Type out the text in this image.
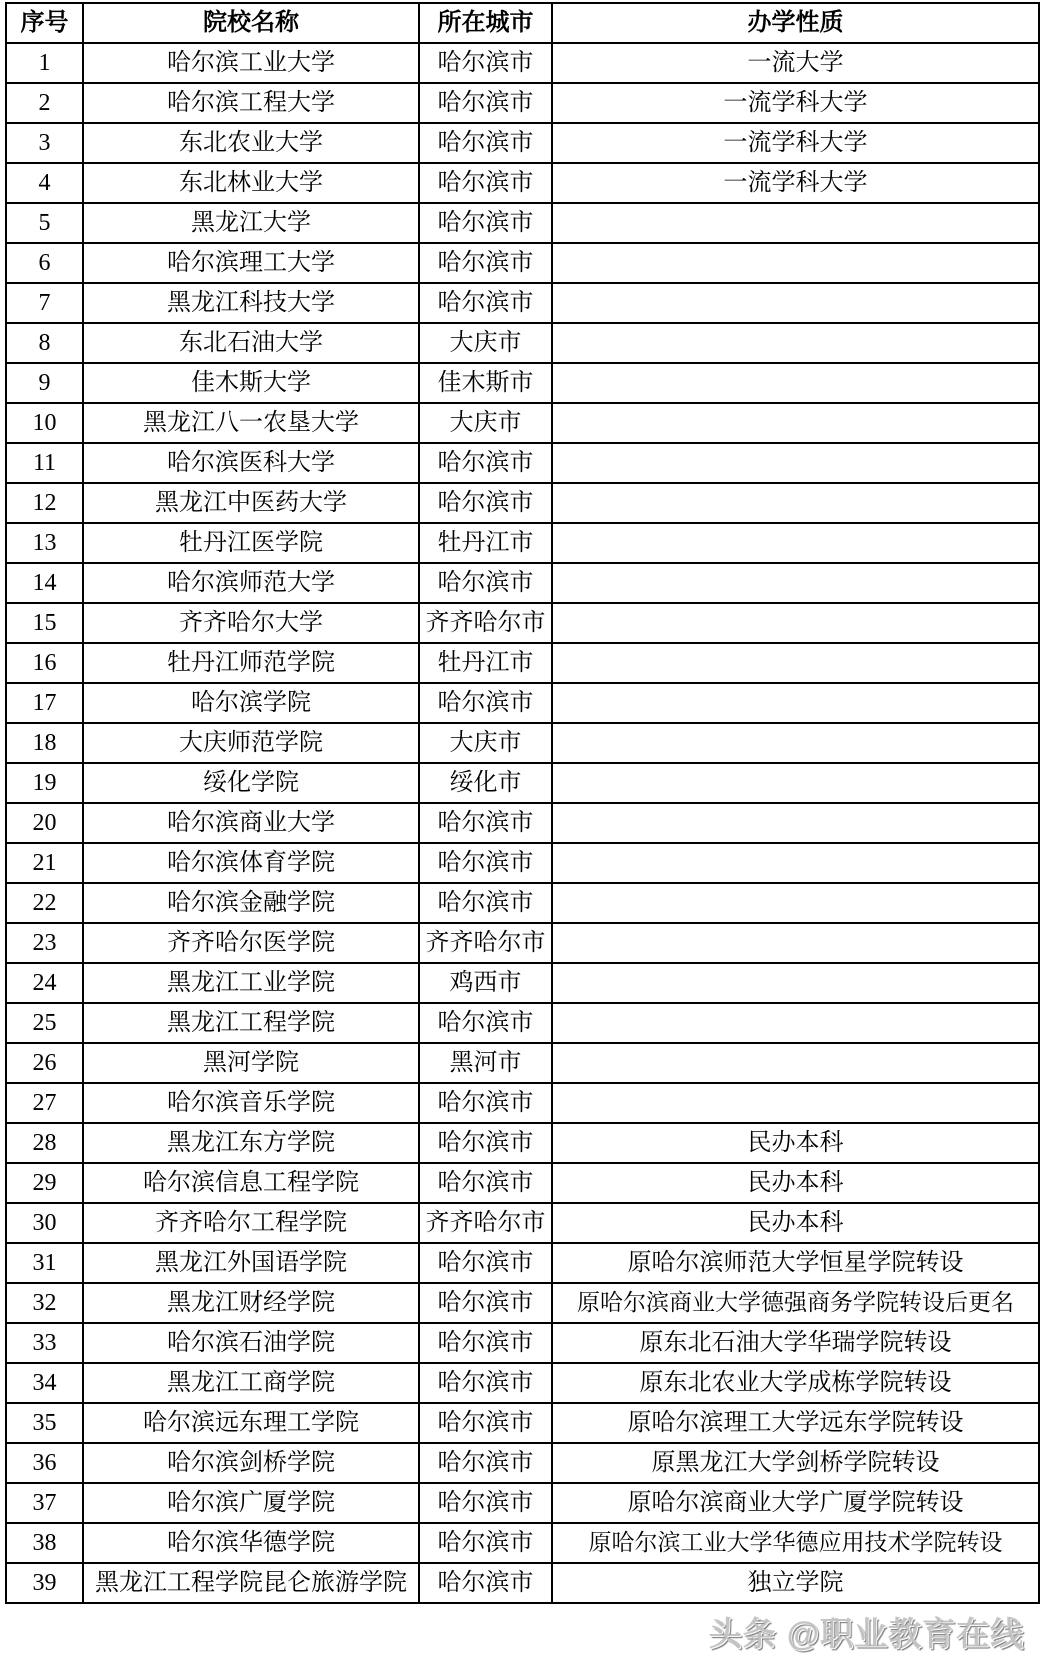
序号	院校名称	所在城市	办学性质
1	哈尔滨工业大学	哈尔滨市	一流大学
2	哈尔滨工程大学	哈尔滨市	一流学科大学
3	东北农业大学	哈尔滨市	一流学科大学
4	东北林业大学	哈尔滨市	一流学科大学
5	黑龙江大学	哈尔滨市	
6	哈尔滨理工大学	哈尔滨市	
7	黑龙江科技大学	哈尔滨市	
8	东北石油大学	大庆市	
9	佳木斯大学	佳木斯市	
10	黑龙江八一农垦大学	大庆市	
11	哈尔滨医科大学	哈尔滨市	
12	黑龙江中医药大学	哈尔滨市	
13	牡丹江医学院	牡丹江市	
14	哈尔滨师范大学	哈尔滨市	
15	齐齐哈尔大学	齐齐哈尔市	
16	牡丹江师范学院	牡丹江市	
17	哈尔滨学院	哈尔滨市	
18	大庆师范学院	大庆市	
19	绥化学院	绥化市	
20	哈尔滨商业大学	哈尔滨市	
21	哈尔滨体育学院	哈尔滨市	
22	哈尔滨金融学院	哈尔滨市	
23	齐齐哈尔医学院	齐齐哈尔市	
24	黑龙江工业学院	鸡西市	
25	黑龙江工程学院	哈尔滨市	
26	黑河学院	黑河市	
27	哈尔滨音乐学院	哈尔滨市	
28	黑龙江东方学院	哈尔滨市	民办本科
29	哈尔滨信息工程学院	哈尔滨市	民办本科
30	齐齐哈尔工程学院	齐齐哈尔市	民办本科
31	黑龙江外国语学院	哈尔滨市	原哈尔滨师范大学恒星学院转设
32	黑龙江财经学院	哈尔滨市	原哈尔滨商业大学德强商务学院转设后更名
33	哈尔滨石油学院	哈尔滨市	原东北石油大学华瑞学院转设
34	黑龙江工商学院	哈尔滨市	原东北农业大学成栋学院转设
35	哈尔滨远东理工学院	哈尔滨市	原哈尔滨理工大学远东学院转设
36	哈尔滨剑桥学院	哈尔滨市	原黑龙江大学剑桥学院转设
37	哈尔滨广厦学院	哈尔滨市	原哈尔滨商业大学广厦学院转设
38	哈尔滨华德学院	哈尔滨市	原哈尔滨工业大学华德应用技术学院转设
39	黑龙江工程学院昆仑旅游学院	哈尔滨市	独立学院
头条 @职业教育在线
